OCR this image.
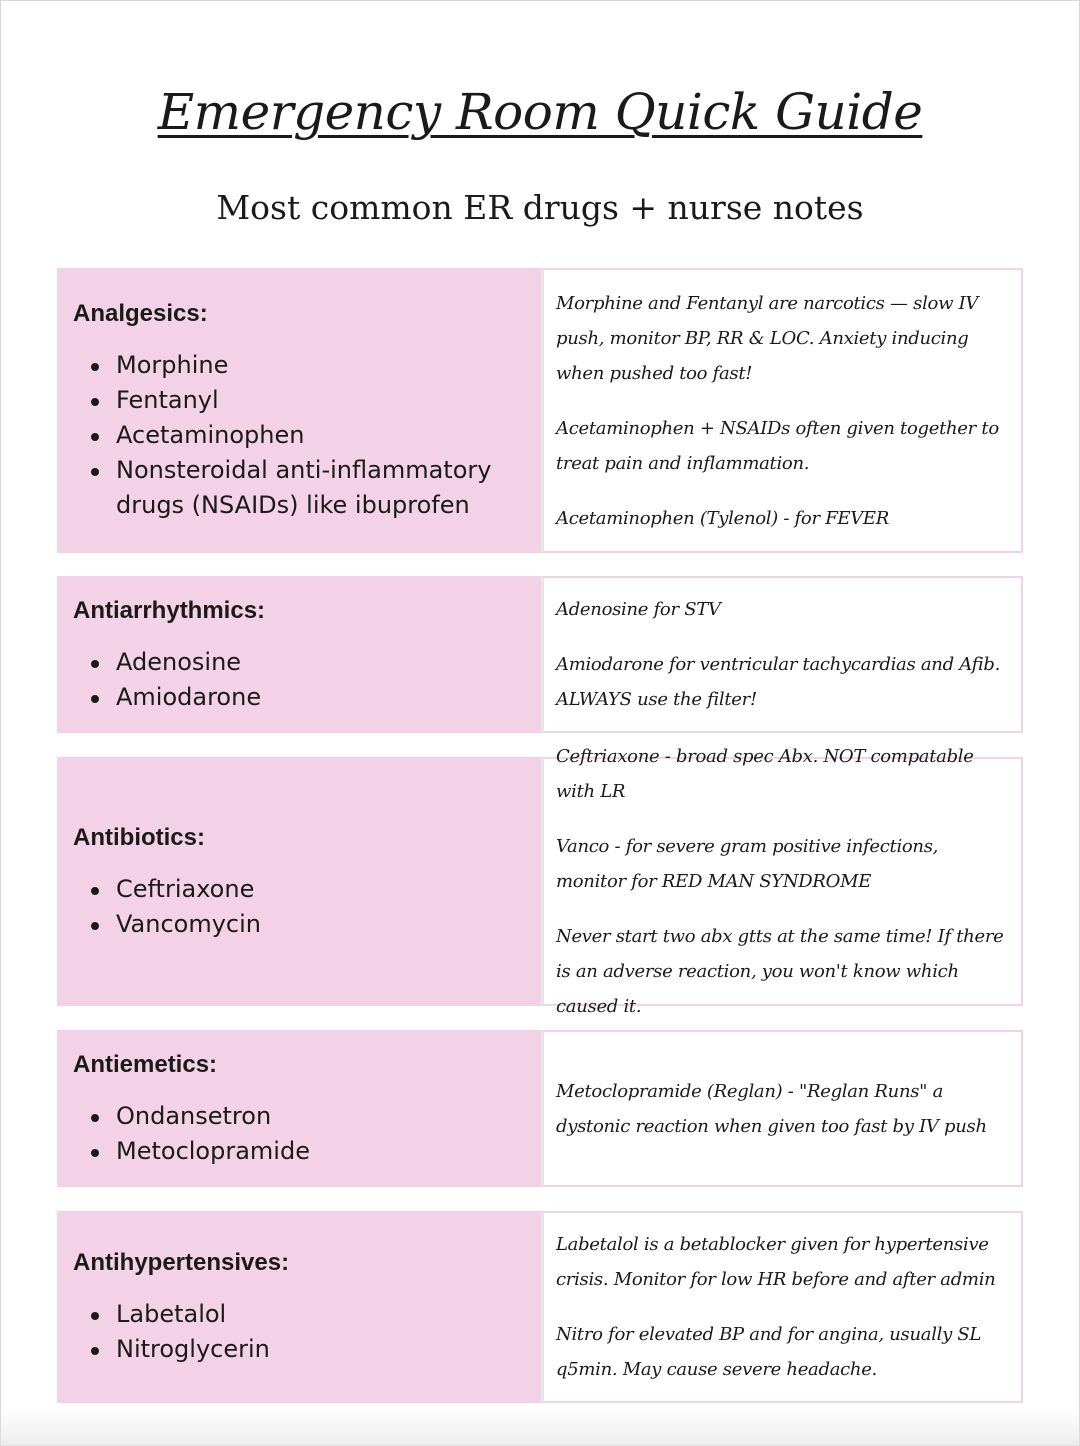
Emergency Room Quick Guide
Most common ER drugs + nurse notes
Analgesics:
Morphine
Fentanyl
Acetaminophen
Nonsteroidal anti-inflammatory drugs (NSAIDs) like ibuprofen

Morphine and Fentanyl are narcotics — slow IV push, monitor BP, RR & LOC. Anxiety inducing when pushed too fast!

Acetaminophen + NSAIDs often given together to treat pain and inflammation.

Acetaminophen (Tylenol) - for FEVER

Antiarrhythmics:
Adenosine
Amiodarone

Adenosine for STV

Amiodarone for ventricular tachycardias and Afib. ALWAYS use the filter!

Antibiotics:
Ceftriaxone
Vancomycin

Ceftriaxone - broad spec Abx. NOT compatable with LR

Vanco - for severe gram positive infections, monitor for RED MAN SYNDROME

Never start two abx gtts at the same time! If there is an adverse reaction, you won't know which caused it.

Antiemetics:
Ondansetron
Metoclopramide

Metoclopramide (Reglan) - "Reglan Runs" a dystonic reaction when given too fast by IV push

Antihypertensives:
Labetalol
Nitroglycerin

Labetalol is a betablocker given for hypertensive crisis. Monitor for low HR before and after admin

Nitro for elevated BP and for angina, usually SL q5min. May cause severe headache.
